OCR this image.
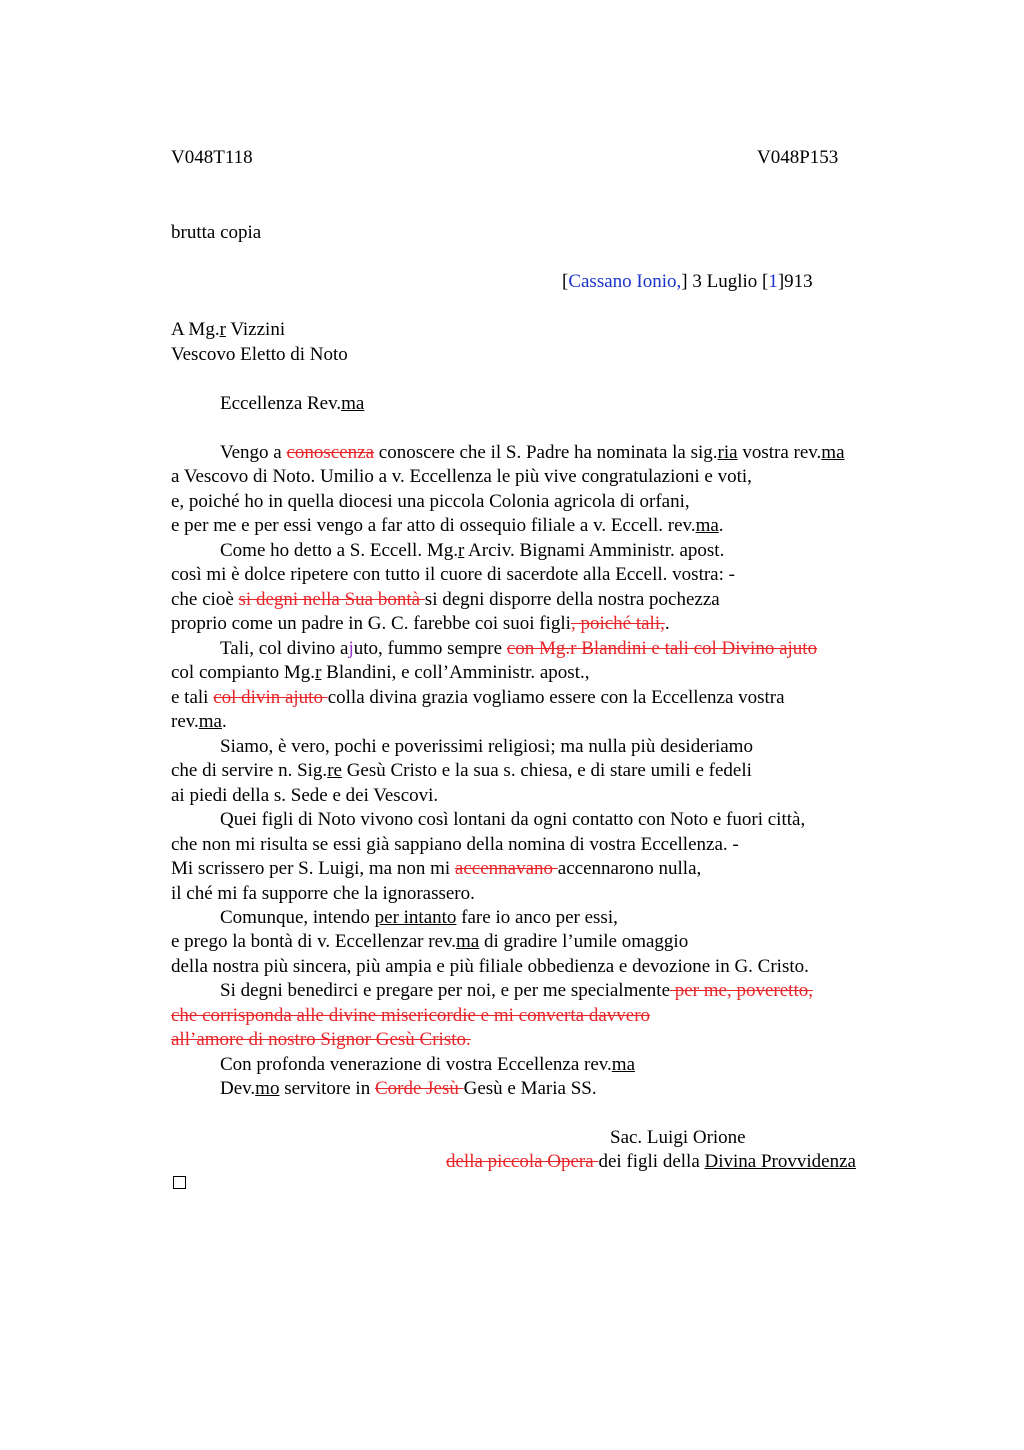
V048T118	V048P153
brutta copia
[Cassano Ionio,] 3 Luglio [1]913
A Mg.r Vizzini
Vescovo Eletto di Noto
Eccellenza Rev.ma
Vengo a conoscenza conoscere che il S. Padre ha nominata la sig.ria vostra rev.ma
a Vescovo di Noto. Umilio a v. Eccellenza le più vive congratulazioni e voti,
e, poiché ho in quella diocesi una piccola Colonia agricola di orfani,
e per me e per essi vengo a far atto di ossequio filiale a v. Eccell. rev.ma.
Come ho detto a S. Eccell. Mg.r Arciv. Bignami Amministr. apost.
così mi è dolce ripetere con tutto il cuore di sacerdote alla Eccell. vostra: -
che cioè si degni nella Sua bontà si degni disporre della nostra pochezza
proprio come un padre in G. C. farebbe coi suoi figli, poiché tali,.
Tali, col divino ajuto, fummo sempre con Mg.r Blandini e tali col Divino ajuto
col compianto Mg.r Blandini, e coll’Amministr. apost.,
e tali col divin ajuto colla divina grazia vogliamo essere con la Eccellenza vostra
rev.ma.
Siamo, è vero, pochi e poverissimi religiosi; ma nulla più desideriamo
che di servire n. Sig.re Gesù Cristo e la sua s. chiesa, e di stare umili e fedeli
ai piedi della s. Sede e dei Vescovi.
Quei figli di Noto vivono così lontani da ogni contatto con Noto e fuori città,
che non mi risulta se essi già sappiano della nomina di vostra Eccellenza. -
Mi scrissero per S. Luigi, ma non mi accennavano accennarono nulla,
il ché mi fa supporre che la ignorassero.
Comunque, intendo per intanto fare io anco per essi,
e prego la bontà di v. Eccellenzar rev.ma di gradire l’umile omaggio
della nostra più sincera, più ampia e più filiale obbedienza e devozione in G. Cristo.
Si degni benedirci e pregare per noi, e per me specialmente per me, poveretto,
che corrisponda alle divine misericordie e mi converta davvero
all’amore di nostro Signor Gesù Cristo.
Con profonda venerazione di vostra Eccellenza rev.ma
Dev.mo servitore in Corde Jesù Gesù e Maria SS.
Sac. Luigi Orione
della piccola Opera dei figli della Divina Provvidenza
